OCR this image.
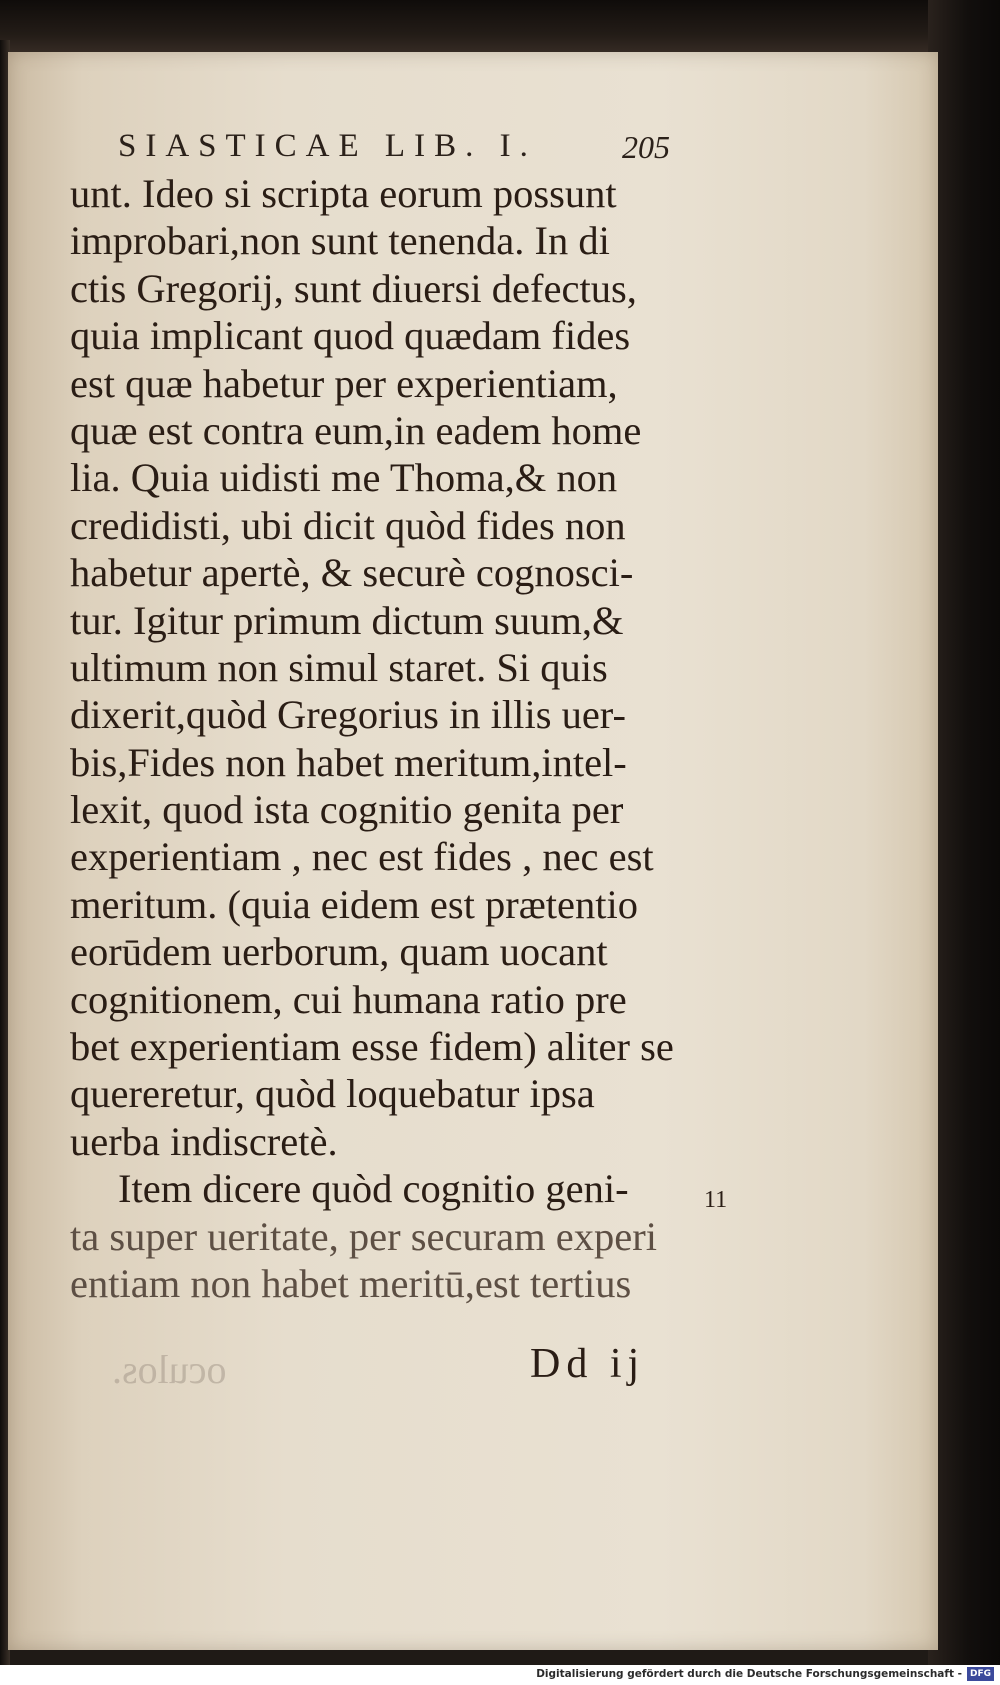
SIASTICAE LIB. I.	205
unt. Ideo si scripta eorum possunt
improbari,non sunt tenenda. In di
ctis Gregorij, sunt diuersi defectus,
quia implicant quod quædam fides
est quæ habetur per experientiam,
quæ est contra eum,in eadem home
lia. Quia uidisti me Thoma,& non
credidisti, ubi dicit quòd fides non
habetur apertè, & securè cognosci-
tur. Igitur primum dictum suum,&
ultimum non simul staret. Si quis
dixerit,quòd Gregorius in illis uer-
bis,Fides non habet meritum,intel-
lexit, quod ista cognitio genita per
experientiam , nec est fides , nec est
meritum. (quia eidem est prætentio
eorūdem uerborum, quam uocant
cognitionem, cui humana ratio pre
bet experientiam esse fidem) aliter se
quereretur, quòd loquebatur ipsa
uerba indiscretè.
Item dicere quòd cognitio geni-
ta super ueritate, per securam experi
entiam non habet meritū,est tertius
11
Dd ij
oculos.
Digitalisierung gefördert durch die Deutsche Forschungsgemeinschaft - DFG
